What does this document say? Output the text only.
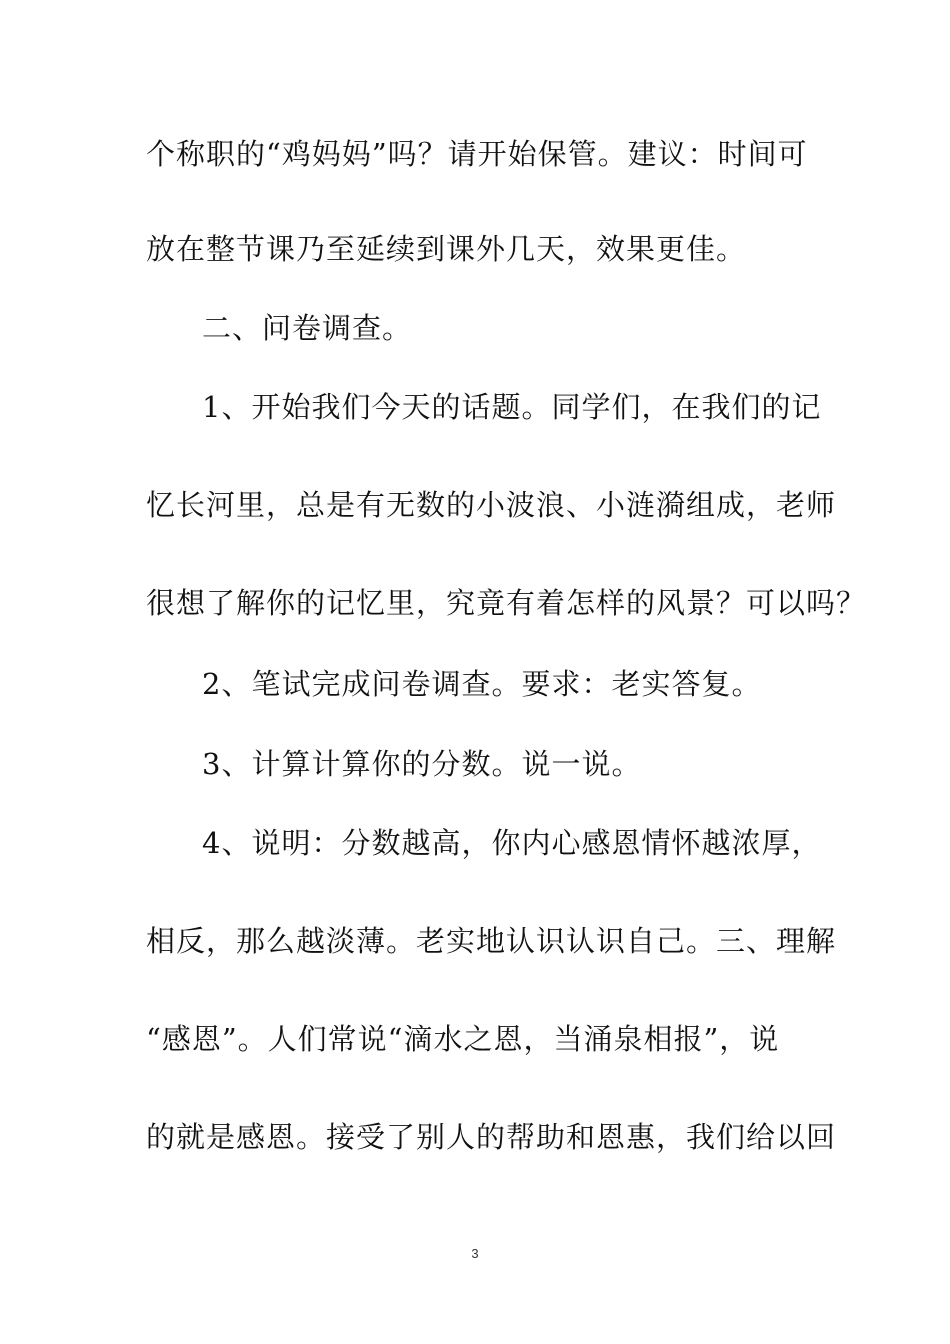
个称职的“鸡妈妈”吗？请开始保管。建议：时间可
放在整节课乃至延续到课外几天，效果更佳。
二、问卷调查。
1、开始我们今天的话题。同学们，在我们的记
忆长河里，总是有无数的小波浪、小涟漪组成，老师
很想了解你的记忆里，究竟有着怎样的风景？可以吗？
2、笔试完成问卷调查。要求：老实答复。
3、计算计算你的分数。说一说。
4、说明：分数越高，你内心感恩情怀越浓厚，
相反，那么越淡薄。老实地认识认识自己。三、理解
“感恩”。人们常说“滴水之恩，当涌泉相报”，说
的就是感恩。接受了别人的帮助和恩惠，我们给以回
3
